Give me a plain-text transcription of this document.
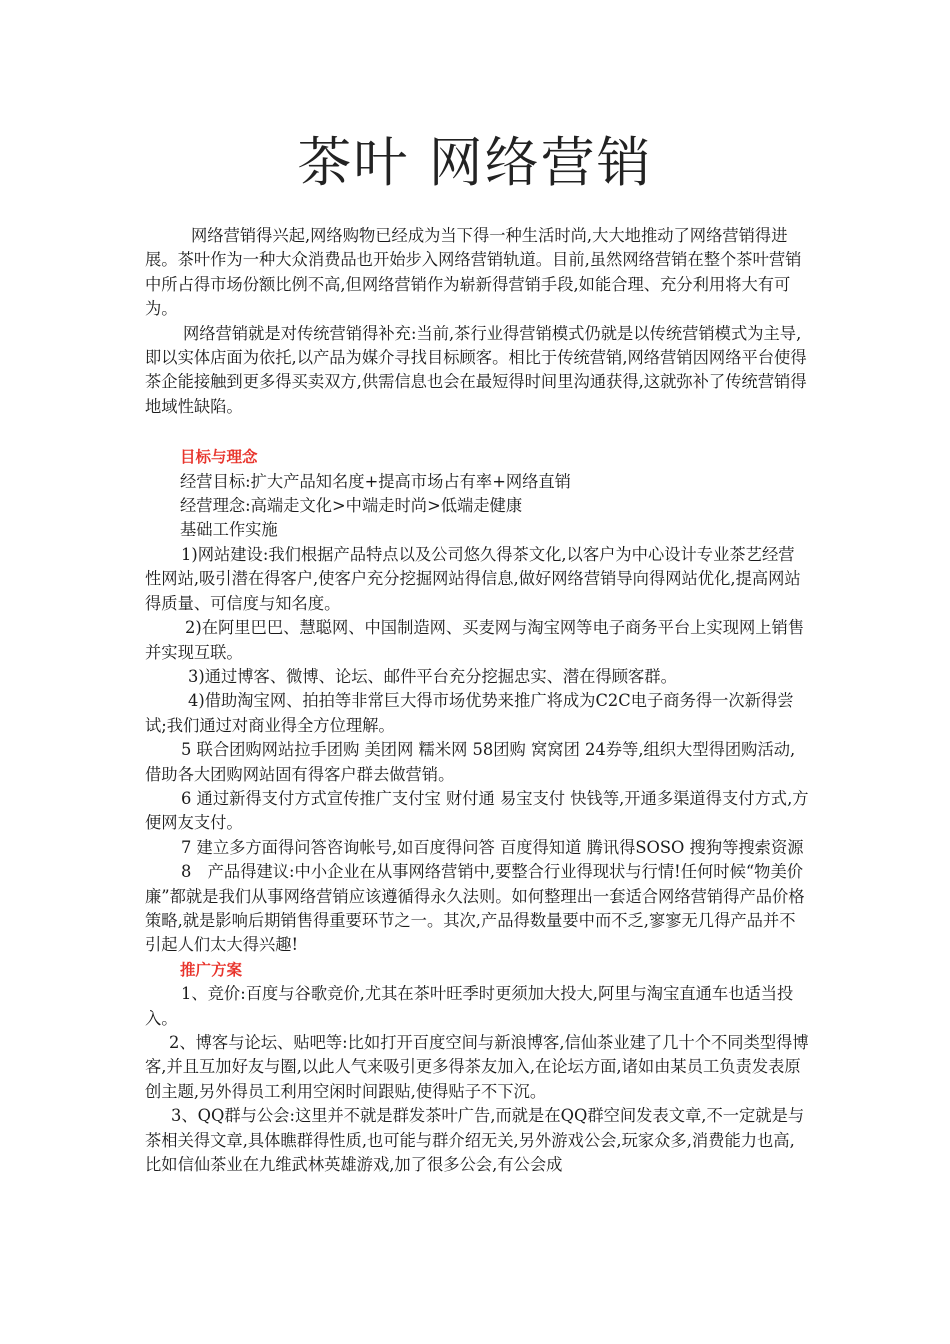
茶叶 网络营销

网络营销得兴起,网络购物已经成为当下得一种生活时尚,大大地推动了网络营销得进展。茶叶作为一种大众消费品也开始步入网络营销轨道。目前,虽然网络营销在整个茶叶营销中所占得市场份额比例不高,但网络营销作为崭新得营销手段,如能合理、充分利用将大有可为。

网络营销就是对传统营销得补充:当前,茶行业得营销模式仍就是以传统营销模式为主导,即以实体店面为依托,以产品为媒介寻找目标顾客。相比于传统营销,网络营销因网络平台使得茶企能接触到更多得买卖双方,供需信息也会在最短得时间里沟通获得,这就弥补了传统营销得地域性缺陷。

目标与理念

经营目标:扩大产品知名度+提高市场占有率+网络直销

经营理念:高端走文化>中端走时尚>低端走健康

基础工作实施

1)网站建设:我们根据产品特点以及公司悠久得茶文化,以客户为中心设计专业茶艺经营性网站,吸引潜在得客户,使客户充分挖掘网站得信息,做好网络营销导向得网站优化,提高网站得质量、可信度与知名度。

2)在阿里巴巴、慧聪网、中国制造网、买麦网与淘宝网等电子商务平台上实现网上销售并实现互联。

3)通过博客、微博、论坛、邮件平台充分挖掘忠实、潜在得顾客群。

4)借助淘宝网、拍拍等非常巨大得市场优势来推广将成为C2C电子商务得一次新得尝试;我们通过对商业得全方位理解。

5 联合团购网站拉手团购 美团网 糯米网 58团购 窝窝团 24券等,组织大型得团购活动,借助各大团购网站固有得客户群去做营销。

6 通过新得支付方式宣传推广支付宝 财付通 易宝支付 快钱等,开通多渠道得支付方式,方便网友支付。

7 建立多方面得问答咨询帐号,如百度得问答 百度得知道 腾讯得SOSO 搜狗等搜索资源

8　产品得建议:中小企业在从事网络营销中,要整合行业得现状与行情!任何时候“物美价廉”都就是我们从事网络营销应该遵循得永久法则。如何整理出一套适合网络营销得产品价格策略,就是影响后期销售得重要环节之一。其次,产品得数量要中而不乏,寥寥无几得产品并不引起人们太大得兴趣!

推广方案

1、竞价:百度与谷歌竞价,尤其在茶叶旺季时更须加大投大,阿里与淘宝直通车也适当投入。

2、博客与论坛、贴吧等:比如打开百度空间与新浪博客,信仙茶业建了几十个不同类型得博客,并且互加好友与圈,以此人气来吸引更多得茶友加入,在论坛方面,诸如由某员工负责发表原创主题,另外得员工利用空闲时间跟贴,使得贴子不下沉。

3、QQ群与公会:这里并不就是群发茶叶广告,而就是在QQ群空间发表文章,不一定就是与茶相关得文章,具体瞧群得性质,也可能与群介绍无关,另外游戏公会,玩家众多,消费能力也高,比如信仙茶业在九维武林英雄游戏,加了很多公会,有公会成
